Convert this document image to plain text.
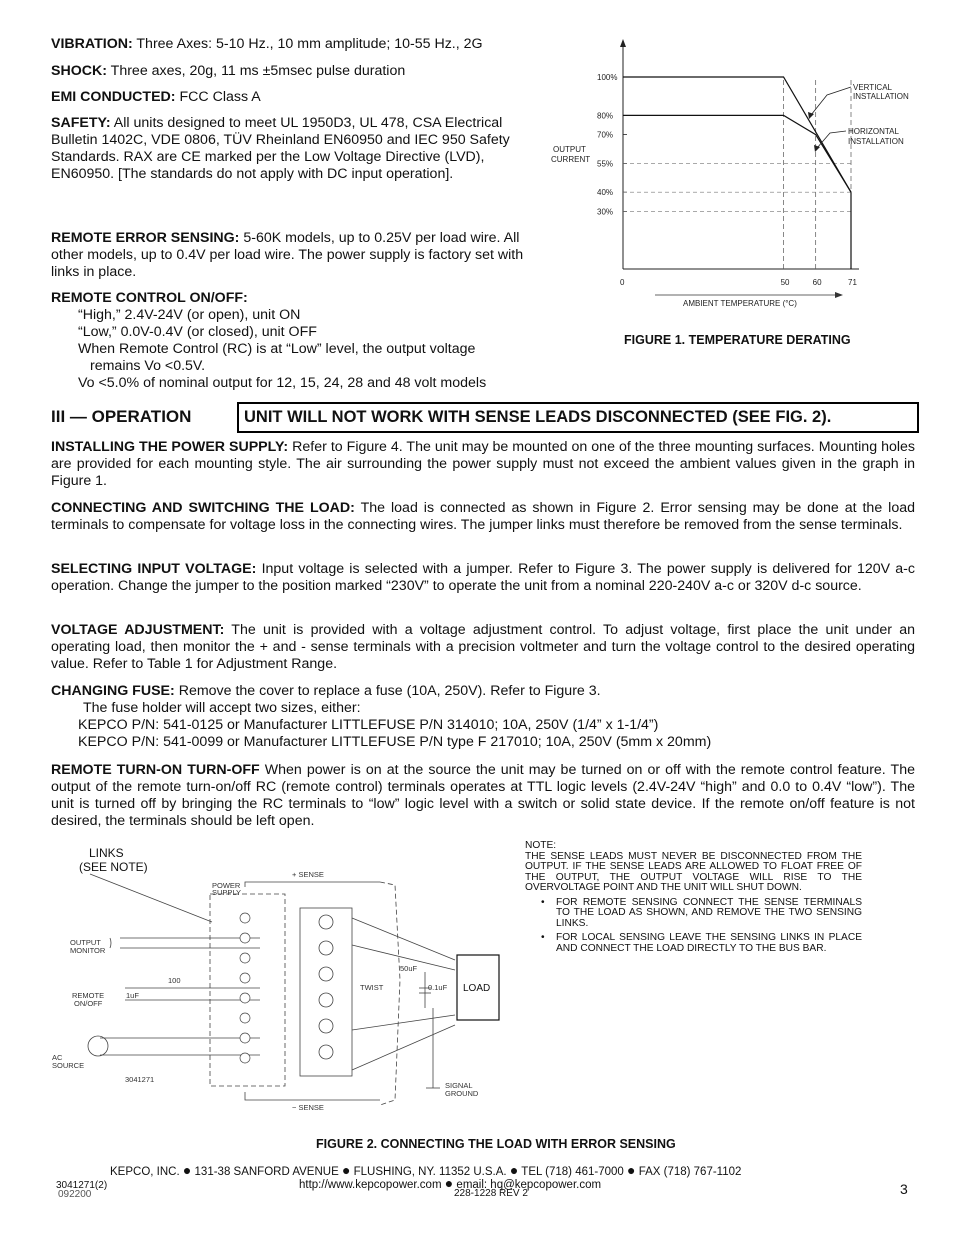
VIBRATION: Three Axes: 5-10 Hz., 10 mm amplitude; 10-55 Hz., 2G
SHOCK: Three axes, 20g, 11 ms ±5msec pulse duration
EMI CONDUCTED: FCC Class A
SAFETY: All units designed to meet UL 1950D3, UL 478, CSA Electrical Bulletin 1402C, VDE 0806, TÜV Rheinland EN60950 and IEC 950 Safety Standards. RAX are CE marked per the Low Voltage Directive (LVD), EN60950. [The standards do not apply with DC input operation].
REMOTE ERROR SENSING: 5-60K models, up to 0.25V per load wire. All other models, up to 0.4V per load wire. The power supply is factory set with links in place.
REMOTE CONTROL ON/OFF:
“High,” 2.4V-24V (or open), unit ON
“Low,” 0.0V-0.4V (or closed), unit OFF
When Remote Control (RC) is at “Low” level, the output voltage
remains Vo <0.5V.
Vo <5.0% of nominal output for 12, 15, 24, 28 and 48 volt models
30%
40%
55%
70%
80%
100%
0	50	60	71
OUTPUT
CURRENT
AMBIENT TEMPERATURE (°C)
VERTICAL
INSTALLATION
HORIZONTAL
INSTALLATION
FIGURE 1. TEMPERATURE DERATING
III — OPERATION	UNIT WILL NOT WORK WITH SENSE LEADS DISCONNECTED (SEE FIG. 2).
INSTALLING THE POWER SUPPLY: Refer to Figure 4. The unit may be mounted on one of the three mounting surfaces. Mounting holes are provided for each mounting style. The air surrounding the power supply must not exceed the ambient values given in the graph in Figure 1.
CONNECTING AND SWITCHING THE LOAD: The load is connected as shown in Figure 2. Error sensing may be done at the load terminals to compensate for voltage loss in the connecting wires. The jumper links must therefore be removed from the sense terminals.
SELECTING INPUT VOLTAGE: Input voltage is selected with a jumper. Refer to Figure 3. The power supply is delivered for 120V a-c operation. Change the jumper to the position marked “230V” to operate the unit from a nominal 220-240V a-c or 320V d-c source.
VOLTAGE ADJUSTMENT: The unit is provided with a voltage adjustment control. To adjust voltage, first place the unit under an operating load, then monitor the + and - sense terminals with a precision voltmeter and turn the voltage control to the desired operating value. Refer to Table 1 for Adjustment Range.
CHANGING FUSE: Remove the cover to replace a fuse (10A, 250V). Refer to Figure 3.
The fuse holder will accept two sizes, either:
KEPCO P/N: 541-0125 or Manufacturer LITTLEFUSE P/N 314010; 10A, 250V (1/4” x 1-1/4”)
KEPCO P/N: 541-0099 or Manufacturer LITTLEFUSE P/N type F 217010; 10A, 250V (5mm x 20mm)
REMOTE TURN-ON TURN-OFF When power is on at the source the unit may be turned on or off with the remote control feature. The output of the remote turn-on/off RC (remote control) terminals operates at TTL logic levels (2.4V-24V “high” and 0.0 to 0.4V “low”). The unit is turned off by bringing the RC terminals to “low” logic level with a switch or solid state device. If the remote on/off feature is not desired, the terminals should be left open.
LINKS
(SEE NOTE)
+ SENSE
− SENSE
POWER
SUPPLY
OUTPUT
MONITOR
REMOTE
ON/OFF
AC
SOURCE
100
1uF
50uF
0.1uF
TWIST	LOAD
SIGNAL
GROUND
3041271
NOTE:
THE SENSE LEADS MUST NEVER BE DISCONNECTED FROM THE OUTPUT. IF THE SENSE LEADS ARE ALLOWED TO FLOAT FREE OF THE OUTPUT, THE OUTPUT VOLTAGE WILL RISE TO THE OVERVOLTAGE POINT AND THE UNIT WILL SHUT DOWN.
•	FOR REMOTE SENSING CONNECT THE SENSE TERMINALS TO THE LOAD AS SHOWN, AND REMOVE THE TWO SENSING LINKS.
•	FOR LOCAL SENSING LEAVE THE SENSING LINKS IN PLACE AND CONNECT THE LOAD DIRECTLY TO THE BUS BAR.
FIGURE 2. CONNECTING THE LOAD WITH ERROR SENSING
KEPCO, INC. ● 131-38 SANFORD AVENUE ● FLUSHING, NY. 11352 U.S.A. ● TEL (718) 461-7000 ● FAX (718) 767-1102
http://www.kepcopower.com ● email: hq@kepcopower.com
3041271(2)
092200	228-1228 REV 2	3
